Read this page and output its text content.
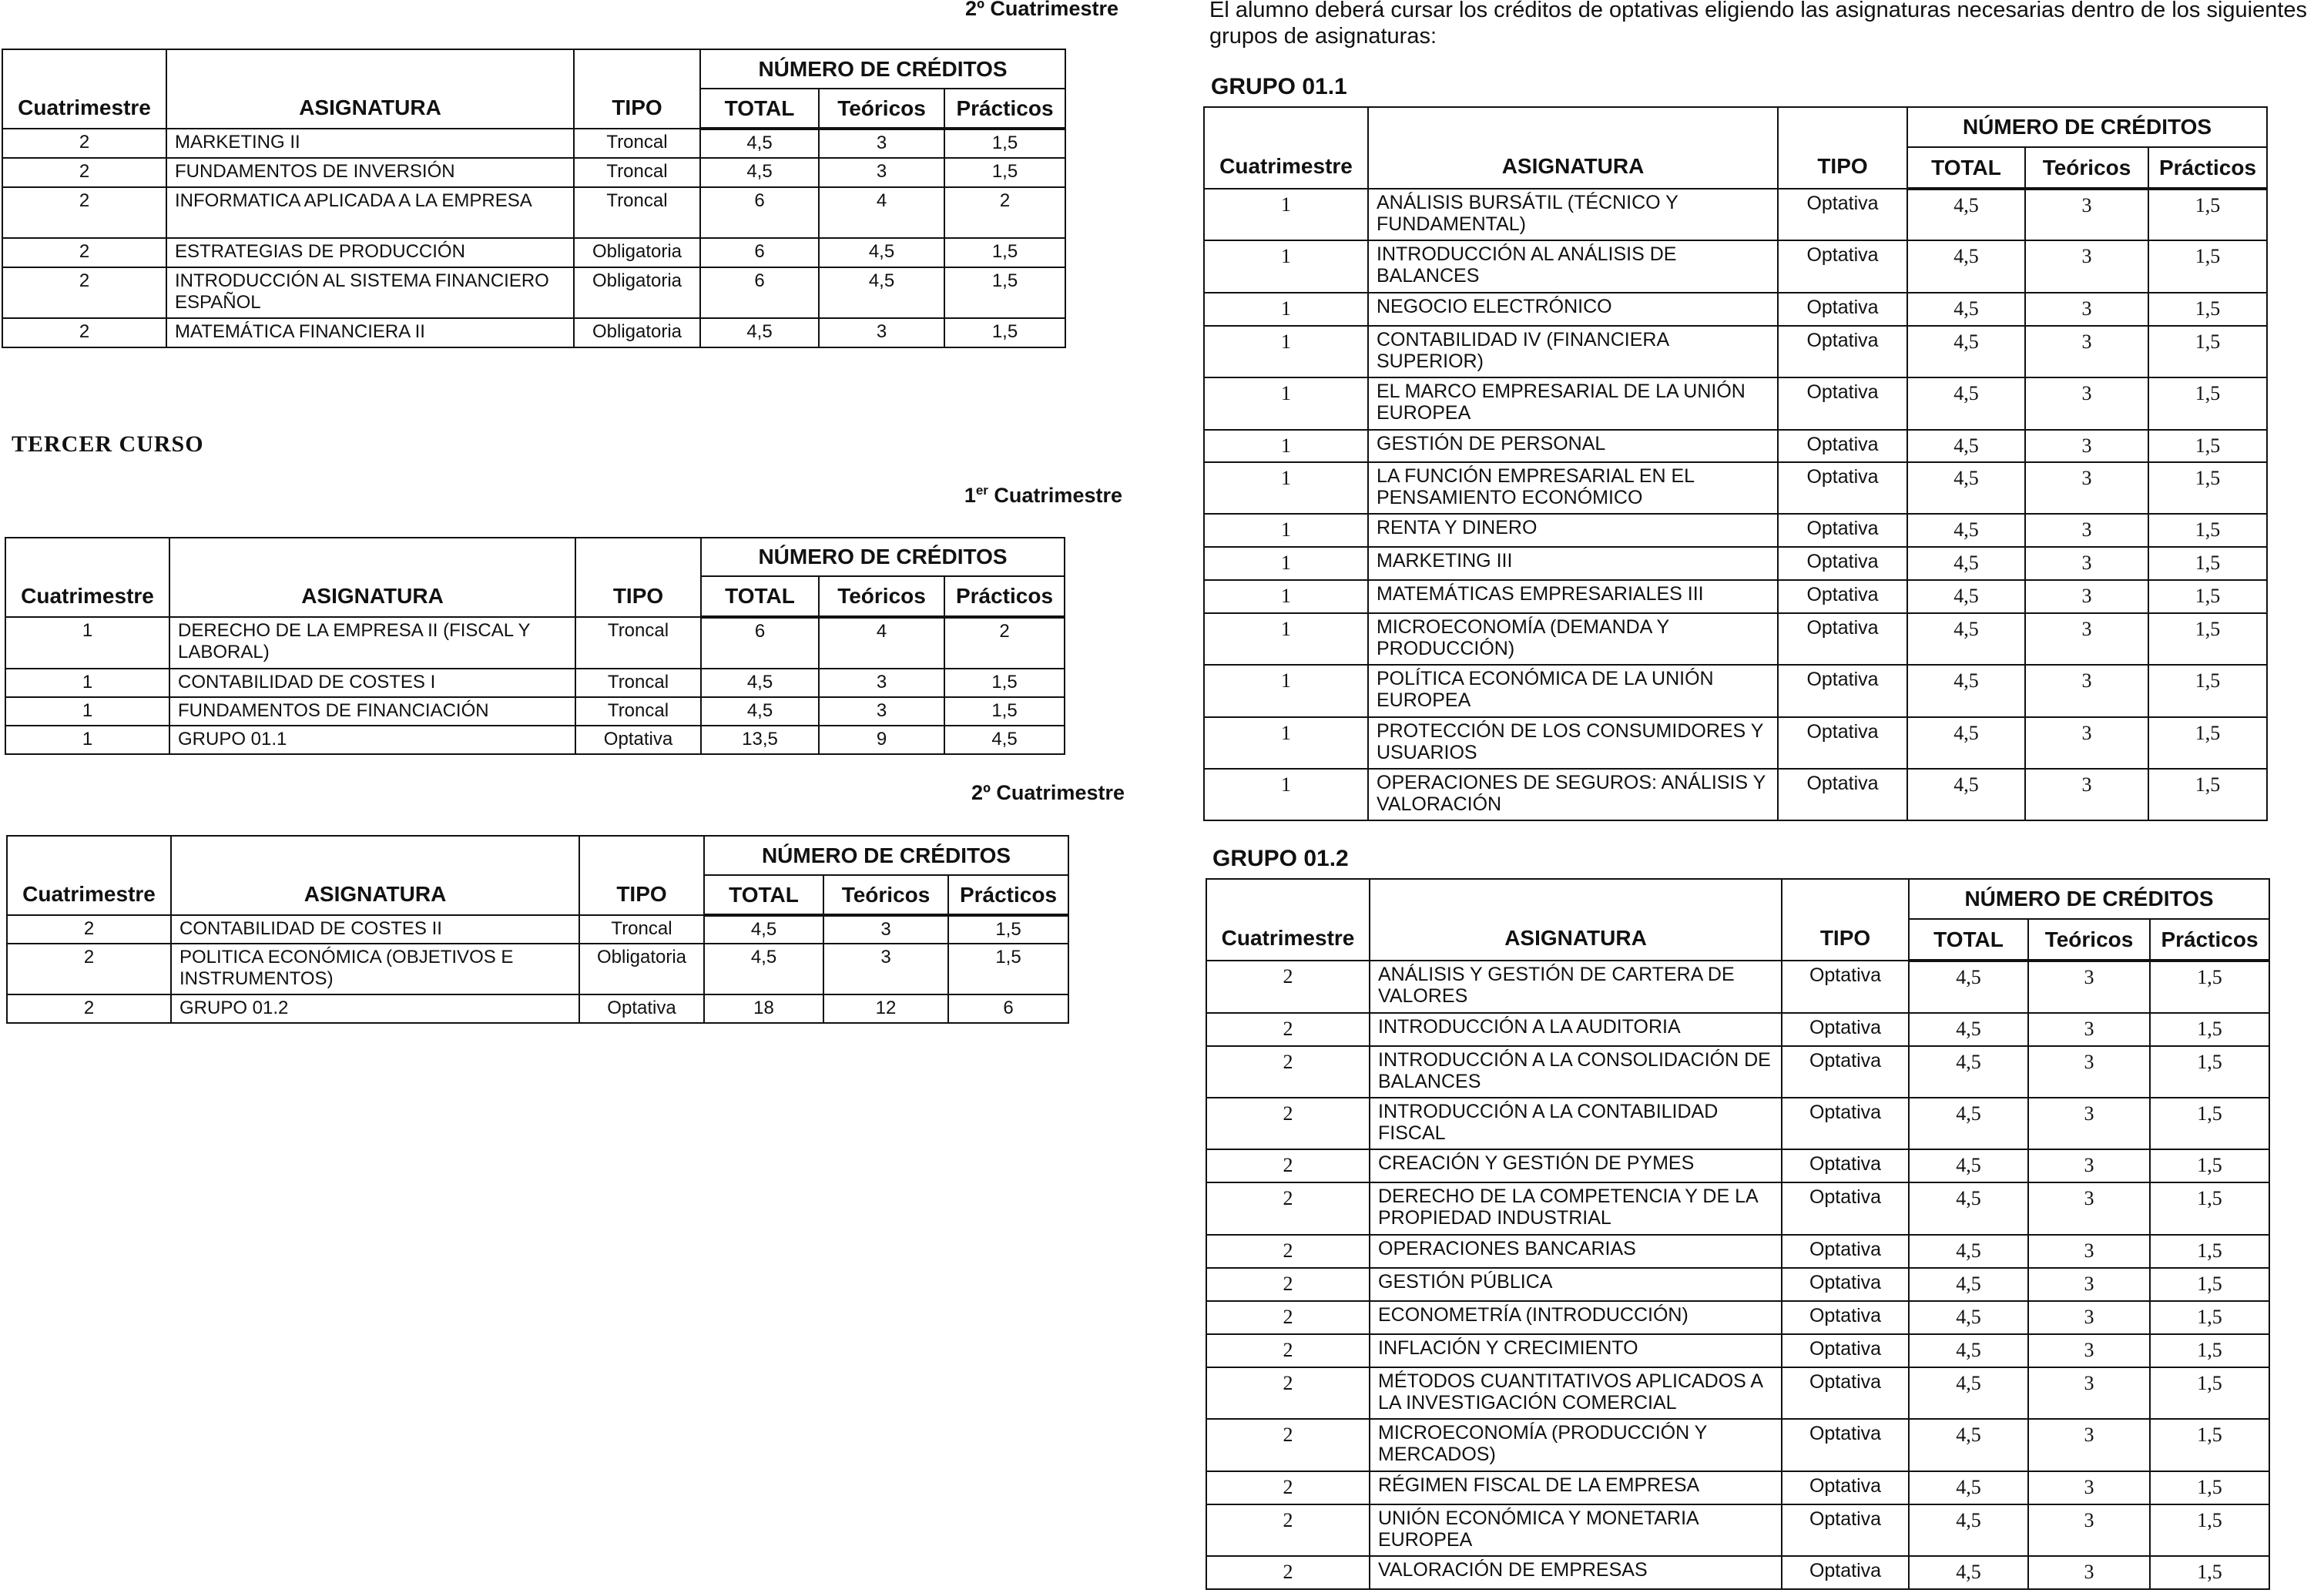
2º Cuatrimestre
Cuatrimestre	ASIGNATURA	TIPO	NÚMERO DE CRÉDITOS		
			TOTAL	Teóricos	Prácticos
2	MARKETING II	Troncal	4,5	3	1,5
2	FUNDAMENTOS DE INVERSIÓN	Troncal	4,5	3	1,5
2	INFORMATICA APLICADA A LA EMPRESA	Troncal	6	4	2
2	ESTRATEGIAS DE PRODUCCIÓN	Obligatoria	6	4,5	1,5
2	INTRODUCCIÓN AL SISTEMA FINANCIERO ESPAÑOL	Obligatoria	6	4,5	1,5
2	MATEMÁTICA FINANCIERA II	Obligatoria	4,5	3	1,5
TERCER CURSO
1er Cuatrimestre
Cuatrimestre	ASIGNATURA	TIPO	NÚMERO DE CRÉDITOS		
			TOTAL	Teóricos	Prácticos
1	DERECHO DE LA EMPRESA II (FISCAL Y LABORAL)	Troncal	6	4	2
1	CONTABILIDAD DE COSTES I	Troncal	4,5	3	1,5
1	FUNDAMENTOS DE FINANCIACIÓN	Troncal	4,5	3	1,5
1	GRUPO 01.1	Optativa	13,5	9	4,5
2º Cuatrimestre
Cuatrimestre	ASIGNATURA	TIPO	NÚMERO DE CRÉDITOS		
			TOTAL	Teóricos	Prácticos
2	CONTABILIDAD DE COSTES II	Troncal	4,5	3	1,5
2	POLITICA ECONÓMICA (OBJETIVOS E INSTRUMENTOS)	Obligatoria	4,5	3	1,5
2	GRUPO 01.2	Optativa	18	12	6
El alumno deberá cursar los créditos de optativas eligiendo las asignaturas necesarias dentro de los siguientes grupos de asignaturas:
GRUPO 01.1
Cuatrimestre	ASIGNATURA	TIPO	NÚMERO DE CRÉDITOS		
			TOTAL	Teóricos	Prácticos
1	ANÁLISIS BURSÁTIL (TÉCNICO Y FUNDAMENTAL)	Optativa	4,5	3	1,5
1	INTRODUCCIÓN AL ANÁLISIS DE BALANCES	Optativa	4,5	3	1,5
1	NEGOCIO ELECTRÓNICO	Optativa	4,5	3	1,5
1	CONTABILIDAD IV (FINANCIERA SUPERIOR)	Optativa	4,5	3	1,5
1	EL MARCO EMPRESARIAL DE LA UNIÓN EUROPEA	Optativa	4,5	3	1,5
1	GESTIÓN DE PERSONAL	Optativa	4,5	3	1,5
1	LA FUNCIÓN EMPRESARIAL EN EL PENSAMIENTO ECONÓMICO	Optativa	4,5	3	1,5
1	RENTA Y DINERO	Optativa	4,5	3	1,5
1	MARKETING III	Optativa	4,5	3	1,5
1	MATEMÁTICAS EMPRESARIALES III	Optativa	4,5	3	1,5
1	MICROECONOMÍA (DEMANDA Y PRODUCCIÓN)	Optativa	4,5	3	1,5
1	POLÍTICA ECONÓMICA DE LA UNIÓN EUROPEA	Optativa	4,5	3	1,5
1	PROTECCIÓN DE LOS CONSUMIDORES Y USUARIOS	Optativa	4,5	3	1,5
1	OPERACIONES DE SEGUROS: ANÁLISIS Y VALORACIÓN	Optativa	4,5	3	1,5
GRUPO 01.2
Cuatrimestre	ASIGNATURA	TIPO	NÚMERO DE CRÉDITOS		
			TOTAL	Teóricos	Prácticos
2	ANÁLISIS Y GESTIÓN DE CARTERA DE VALORES	Optativa	4,5	3	1,5
2	INTRODUCCIÓN A LA AUDITORIA	Optativa	4,5	3	1,5
2	INTRODUCCIÓN A LA CONSOLIDACIÓN DE BALANCES	Optativa	4,5	3	1,5
2	INTRODUCCIÓN A LA CONTABILIDAD FISCAL	Optativa	4,5	3	1,5
2	CREACIÓN Y GESTIÓN DE PYMES	Optativa	4,5	3	1,5
2	DERECHO DE LA COMPETENCIA Y DE LA PROPIEDAD INDUSTRIAL	Optativa	4,5	3	1,5
2	OPERACIONES BANCARIAS	Optativa	4,5	3	1,5
2	GESTIÓN PÚBLICA	Optativa	4,5	3	1,5
2	ECONOMETRÍA (INTRODUCCIÓN)	Optativa	4,5	3	1,5
2	INFLACIÓN Y CRECIMIENTO	Optativa	4,5	3	1,5
2	MÉTODOS CUANTITATIVOS APLICADOS A LA INVESTIGACIÓN COMERCIAL	Optativa	4,5	3	1,5
2	MICROECONOMÍA (PRODUCCIÓN Y MERCADOS)	Optativa	4,5	3	1,5
2	RÉGIMEN FISCAL DE LA EMPRESA	Optativa	4,5	3	1,5
2	UNIÓN ECONÓMICA Y MONETARIA EUROPEA	Optativa	4,5	3	1,5
2	VALORACIÓN DE EMPRESAS	Optativa	4,5	3	1,5
